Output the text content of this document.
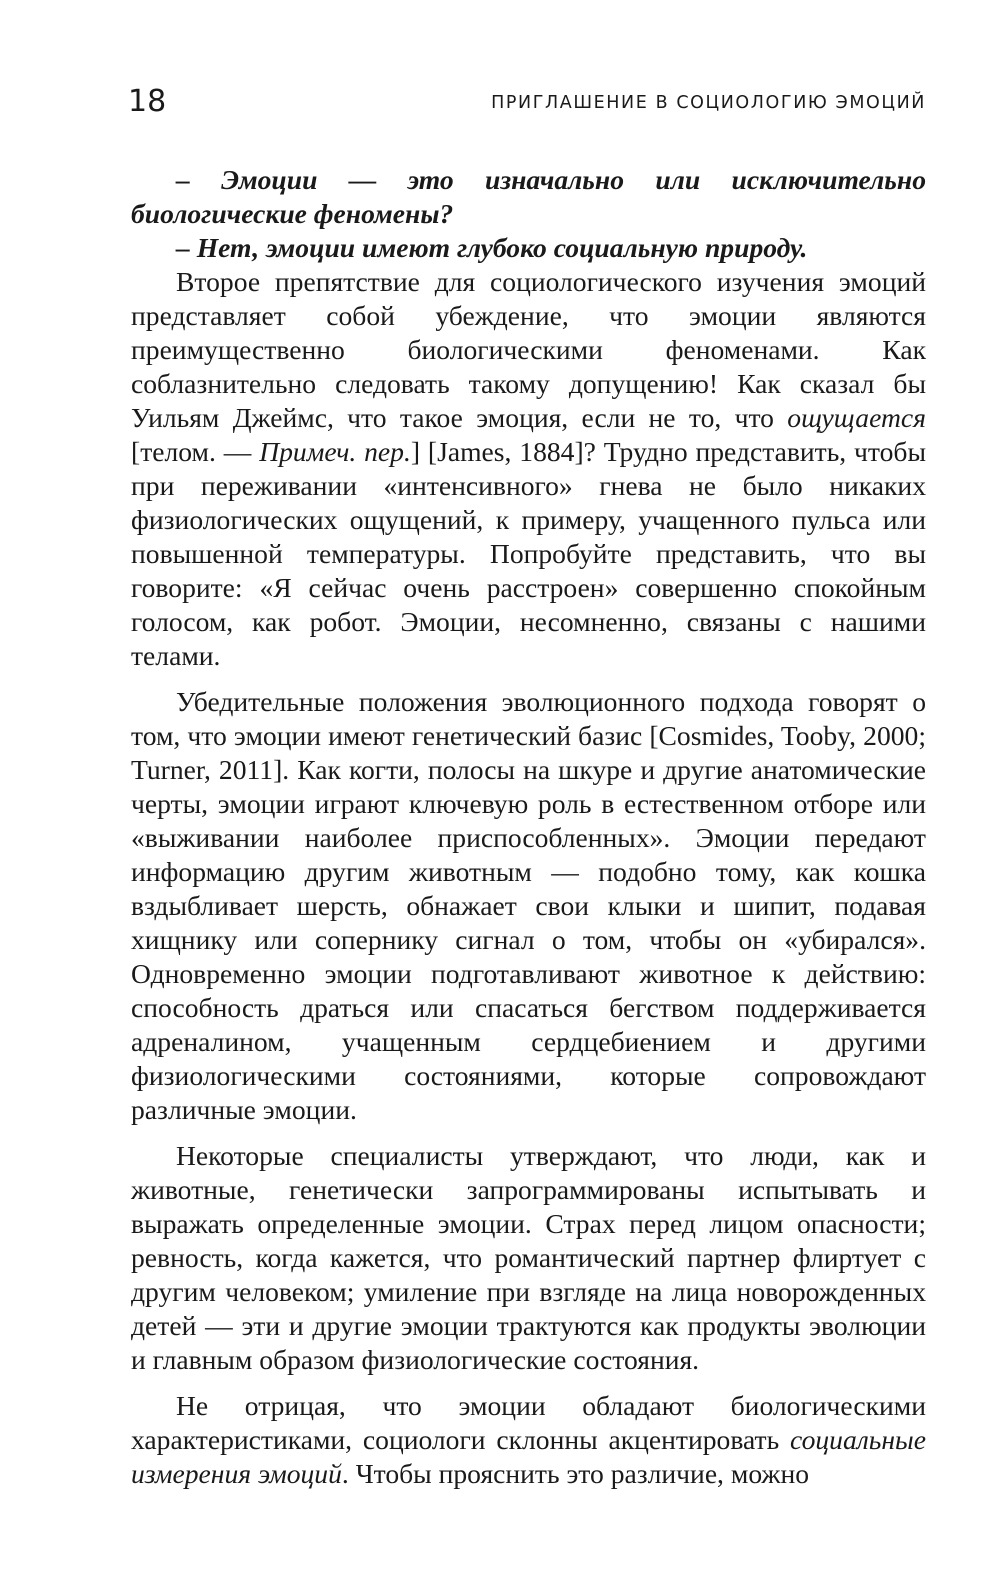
18	ПРИГЛАШЕНИЕ В СОЦИОЛОГИЮ ЭМОЦИЙ

– Эмоции — это изначально или исключительно биологические феномены?

– Нет, эмоции имеют глубоко социальную природу.

Второе препятствие для социологического изучения эмоций представляет собой убеждение, что эмоции являются преимущественно биологическими феноменами. Как соблазнительно следовать такому допущению! Как сказал бы Уильям Джеймс, что такое эмоция, если не то, что ощущается [телом. — Примеч. пер.] [James, 1884]? Трудно представить, чтобы при переживании «интенсивного» гнева не было никаких физиологических ощущений, к примеру, учащенного пульса или повышенной температуры. Попробуйте представить, что вы говорите: «Я сейчас очень расстроен» совершенно спокойным голосом, как робот. Эмоции, несомненно, связаны с нашими телами.

Убедительные положения эволюционного подхода говорят о том, что эмоции имеют генетический базис [Cosmides, Tooby, 2000; Turner, 2011]. Как когти, полосы на шкуре и другие анатомические черты, эмоции играют ключевую роль в естественном отборе или «выживании наиболее приспособленных». Эмоции передают информацию другим животным — подобно тому, как кошка вздыбливает шерсть, обнажает свои клыки и шипит, подавая хищнику или сопернику сигнал о том, чтобы он «убирался». Одновременно эмоции подготавливают животное к действию: способность драться или спасаться бегством поддерживается адреналином, учащенным сердцебиением и другими физиологическими состояниями, которые сопровождают различные эмоции.

Некоторые специалисты утверждают, что люди, как и животные, генетически запрограммированы испытывать и выражать определенные эмоции. Страх перед лицом опасности; ревность, когда кажется, что романтический партнер флиртует с другим человеком; умиление при взгляде на лица новорожденных детей — эти и другие эмоции трактуются как продукты эволюции и главным образом физиологические состояния.

Не отрицая, что эмоции обладают биологическими характеристиками, социологи склонны акцентировать социальные измерения эмоций. Чтобы прояснить это различие, можно
